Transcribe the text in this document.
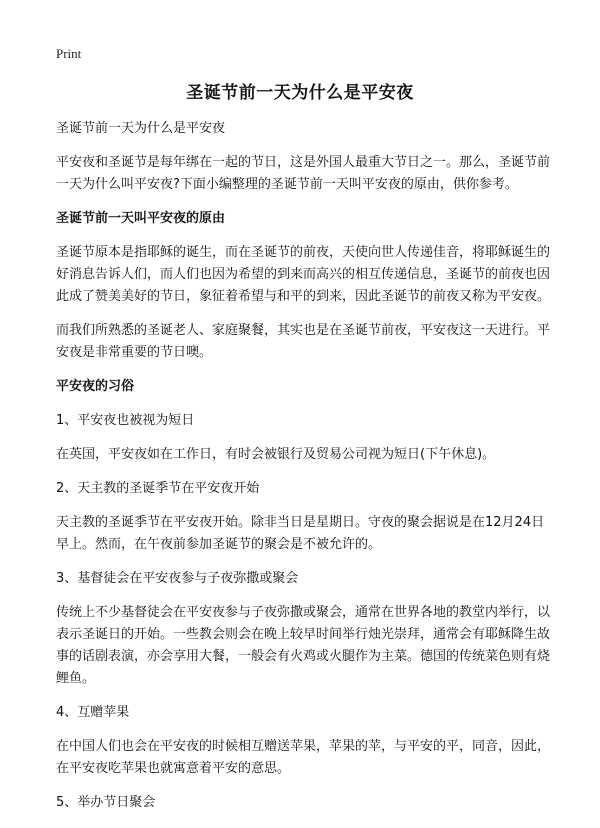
Print
圣诞节前一天为什么是平安夜

圣诞节前一天为什么是平安夜

平安夜和圣诞节是每年绑在一起的节日，这是外国人最重大节日之一。那么，圣诞节前一天为什么叫平安夜?下面小编整理的圣诞节前一天叫平安夜的原由，供你参考。

圣诞节前一天叫平安夜的原由

圣诞节原本是指耶稣的诞生，而在圣诞节的前夜，天使向世人传递佳音，将耶稣诞生的好消息告诉人们，而人们也因为希望的到来而高兴的相互传递信息，圣诞节的前夜也因此成了赞美美好的节日，象征着希望与和平的到来，因此圣诞节的前夜又称为平安夜。

而我们所熟悉的圣诞老人、家庭聚餐，其实也是在圣诞节前夜，平安夜这一天进行。平安夜是非常重要的节日噢。

平安夜的习俗

1、平安夜也被视为短日

在英国，平安夜如在工作日，有时会被银行及贸易公司视为短日(下午休息)。

2、天主教的圣诞季节在平安夜开始

天主教的圣诞季节在平安夜开始。除非当日是星期日。守夜的聚会据说是在12月24日早上。然而，在午夜前参加圣诞节的聚会是不被允许的。

3、基督徒会在平安夜参与子夜弥撒或聚会

传统上不少基督徒会在平安夜参与子夜弥撒或聚会，通常在世界各地的教堂内举行，以表示圣诞日的开始。一些教会则会在晚上较早时间举行烛光崇拜，通常会有耶稣降生故事的话剧表演，亦会享用大餐，一般会有火鸡或火腿作为主菜。德国的传统菜色则有烧鲤鱼。

4、互赠苹果

在中国人们也会在平安夜的时候相互赠送苹果，苹果的苹，与平安的平，同音，因此，在平安夜吃苹果也就寓意着平安的意思。

5、举办节日聚会
